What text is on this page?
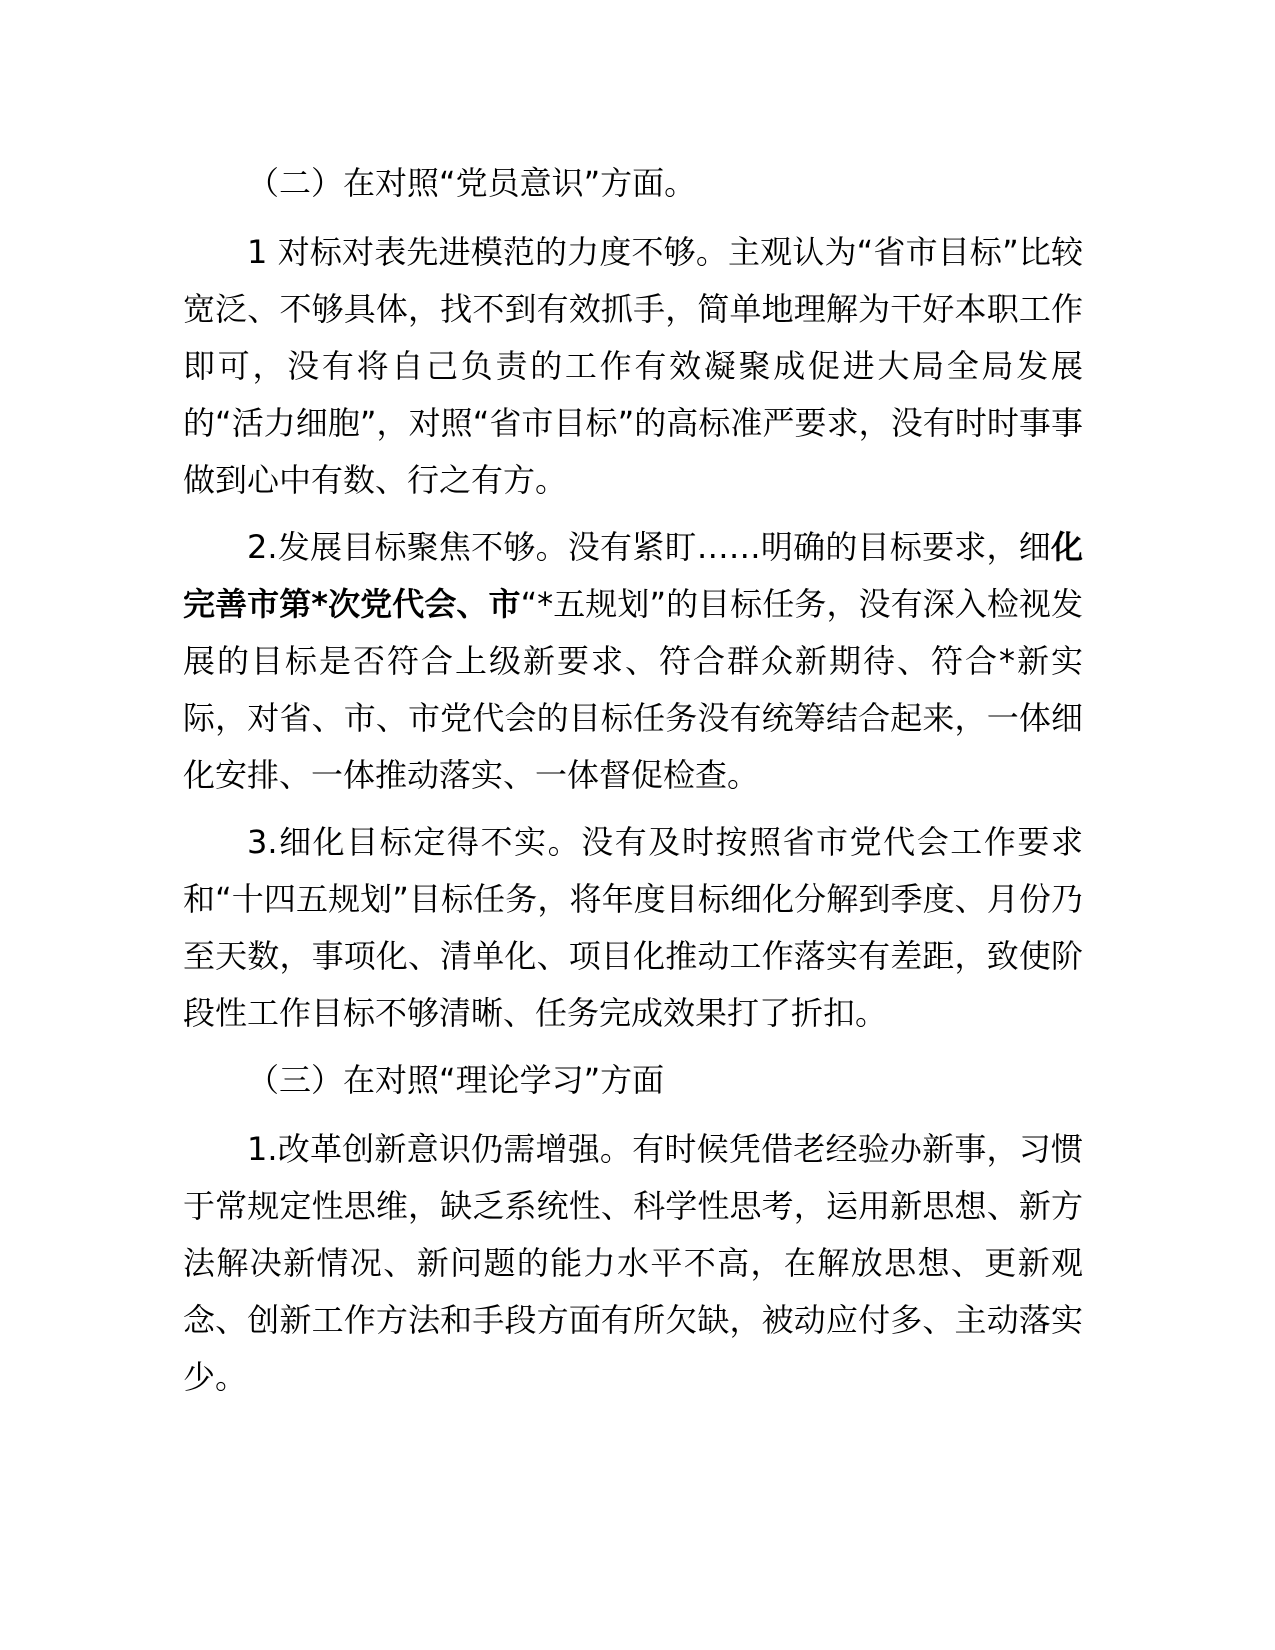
（二）在对照“党员意识”方面。

1 对标对表先进模范的力度不够。主观认为“省市目标”比较宽泛、不够具体，找不到有效抓手，简单地理解为干好本职工作即可，没有将自己负责的工作有效凝聚成促进大局全局发展的“活力细胞”，对照“省市目标”的高标准严要求，没有时时事事做到心中有数、行之有方。

2.发展目标聚焦不够。没有紧盯……明确的目标要求，细化完善市第*次党代会、市“*五规划”的目标任务，没有深入检视发展的目标是否符合上级新要求、符合群众新期待、符合*新实际，对省、市、市党代会的目标任务没有统筹结合起来，一体细化安排、一体推动落实、一体督促检查。

3.细化目标定得不实。没有及时按照省市党代会工作要求和“十四五规划”目标任务，将年度目标细化分解到季度、月份乃至天数，事项化、清单化、项目化推动工作落实有差距，致使阶段性工作目标不够清晰、任务完成效果打了折扣。

（三）在对照“理论学习”方面

1.改革创新意识仍需增强。有时候凭借老经验办新事，习惯于常规定性思维，缺乏系统性、科学性思考，运用新思想、新方法解决新情况、新问题的能力水平不高，在解放思想、更新观念、创新工作方法和手段方面有所欠缺，被动应付多、主动落实少。
